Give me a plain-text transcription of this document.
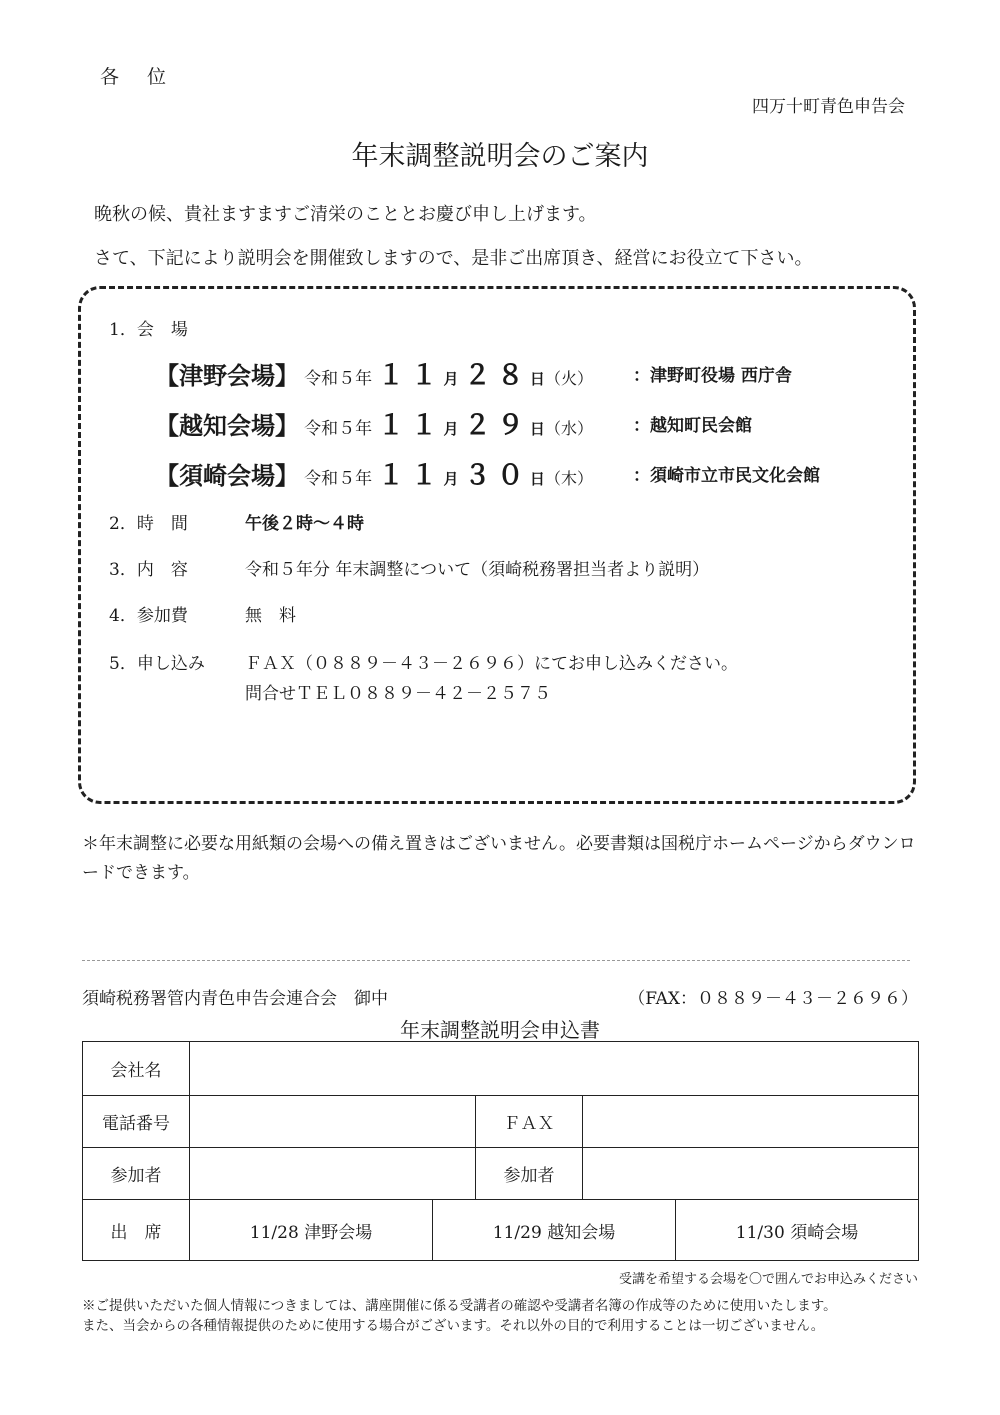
各位
四万十町青色申告会
年末調整説明会のご案内
晩秋の候、貴社ますますご清栄のこととお慶び申し上げます。
さて、下記により説明会を開催致しますので、是非ご出席頂き、経営にお役立て下さい。
1．会　場
【津野会場】 令和５年 １１月 ２８日（火） ：津野町役場 西庁舎
【越知会場】 令和５年 １１月 ２９日（水） ：越知町民会館
【須崎会場】 令和５年 １１月 ３０日（木） ：須崎市立市民文化会館
2．時　間	午後２時～４時
3．内　容	令和５年分 年末調整について（須崎税務署担当者より説明）
4．参加費	無　料
5．申し込み ＦＡＸ（０８８９－４３－２６９６）にてお申し込みください。
問合せＴＥＬ０８８９－４２－２５７５
＊年末調整に必要な用紙類の会場への備え置きはございません。必要書類は国税庁ホームページからダウンロードできます。
須崎税務署管内青色申告会連合会　御中	（FAX：０８８９－４３－２６９６）
年末調整説明会申込書
会社名			
電話番号		ＦＡＸ	
参加者		参加者	
出　席	11/28 津野会場 11/29 越知会場 11/30 須崎会場		
受講を希望する会場を〇で囲んでお申込みください
※ご提供いただいた個人情報につきましては、講座開催に係る受講者の確認や受講者名簿の作成等のために使用いたします。
また、当会からの各種情報提供のために使用する場合がございます。それ以外の目的で利用することは一切ございません。
